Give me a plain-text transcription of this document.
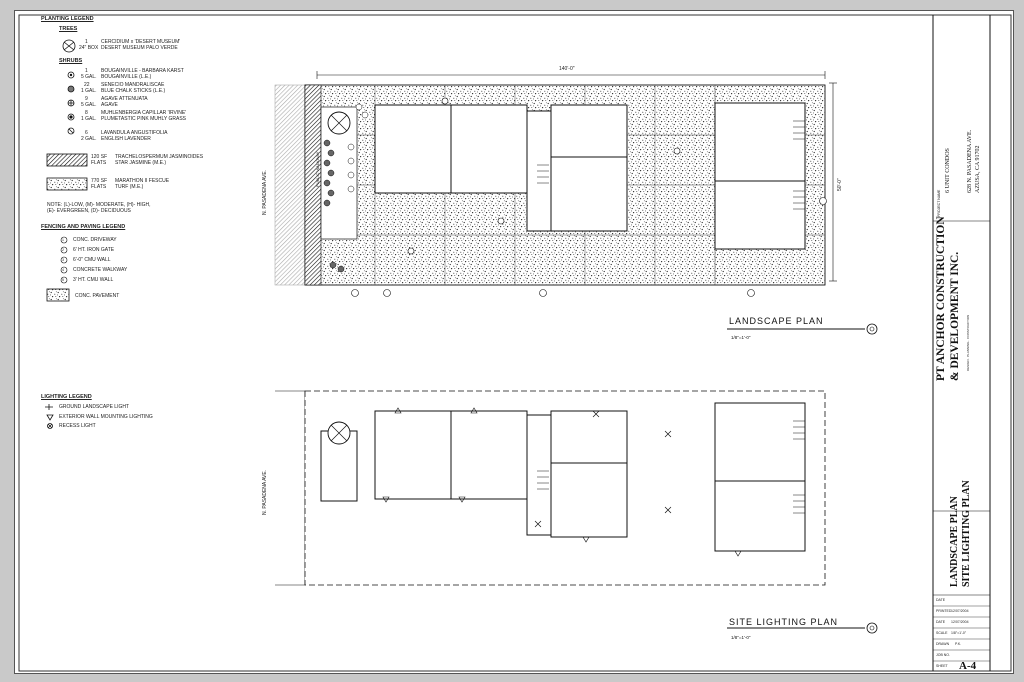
PLANTING LEGEND
TREES
1
24" BOX
CERCIDIUM x 'DESERT MUSEUM'
DESERT MUSEUM PALO VERDE
SHRUBS
1
5 GAL.
BOUGAINVILLE - BARBARA KARST
BOUGAINVILLE (L.E.)
22
1 GAL.
SENECIO MANDRALISCAE
BLUE CHALK STICKS (L.E.)
9
5 GAL.
AGAVE ATTENUATA
AGAVE
8
1 GAL.
MUHLENBERGIA CAPILLAR 'IRVINE'
PLUMETASTIC PINK MUHLY GRASS
6
2 GAL.
LAVANDULA ANGUSTIFOLIA
ENGLISH LAVENDER
120 SF
FLATS
TRACHELOSPERMUM JASMINOIDES
STAR JASMINE (M.E.)
770 SF
FLATS
MARATHON II FESCUE
TURF (M.E.)
NOTE: (L)-LOW, (M)- MODERATE, (H)- HIGH,
(E)- EVERGREEN, (D)- DECIDUOUS
FENCING AND PAVING LEGEND
1 CONC. DRIVEWAY
2 6' HT. IRON GATE
3 6'-0" CMU WALL
4 CONCRETE WALKWAY
5 3' HT. CMU WALL
CONC. PAVEMENT
LIGHTING LEGEND
GROUND LANDSCAPE LIGHT
EXTERIOR WALL MOUNTING LIGHTING
RECESS LIGHT
140'-0"
50'-0"
N. PASADENA AVE.
PUBLIC WALKWAY
LANDSCAPE PLAN
1/8"=1'-0"
N. PASADENA AVE.
SITE LIGHTING PLAN
1/8"=1'-0"
PROJECT NAME
6 UNIT CONDOS	628 N. PASADENA AVE. AZUSA, CA 91702
PT ANCHOR CONSTRUCTION & DEVELOPMENT INC.	DESIGN · PLANNING · CONSTRUCTION
LANDSCAPE PLAN SITE LIGHTING PLAN
DATE
PRINTED 12/07/2004
DATE 12/07/2004
SCALE 1/8"=1'-0"
DRAWN P.K.
JOB NO.
SHEET A-4
